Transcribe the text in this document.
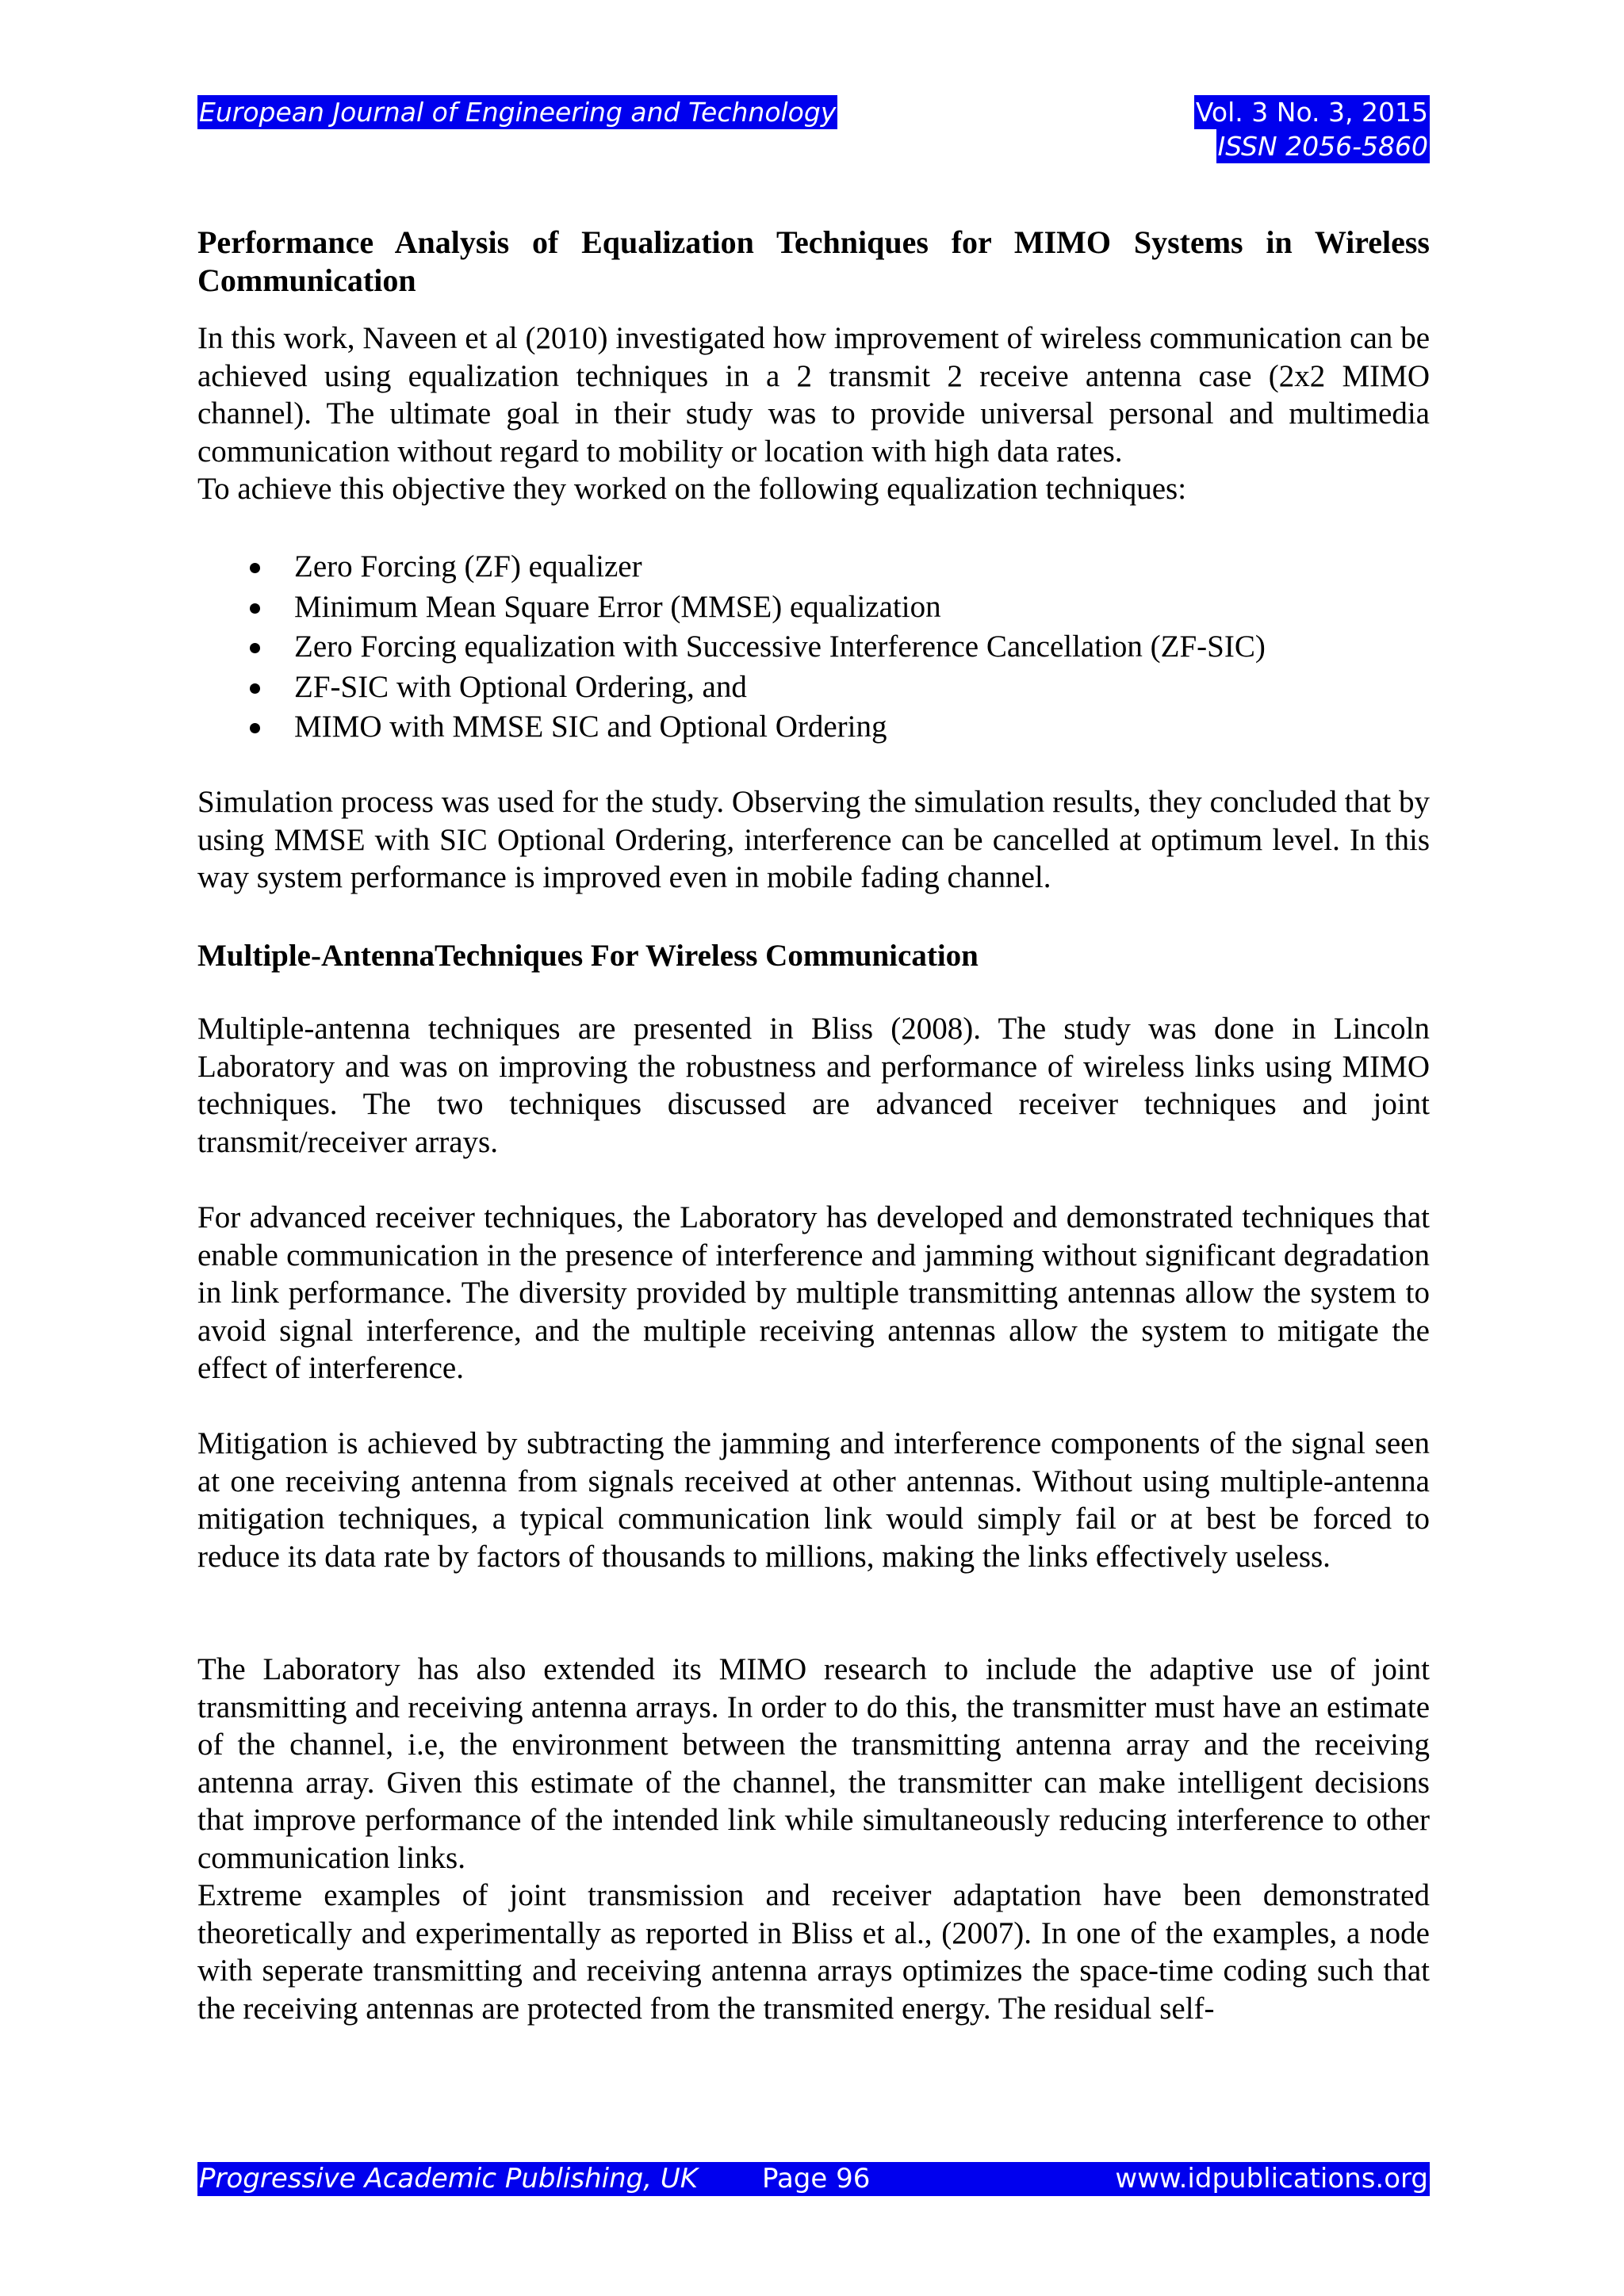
European Journal of Engineering and Technology	Vol. 3 No. 3, 2015
ISSN 2056-5860
Performance Analysis of Equalization Techniques for MIMO Systems in Wireless Communication

In this work, Naveen et al (2010) investigated how improvement of wireless communication can be achieved using equalization techniques in a 2 transmit 2 receive antenna case (2x2 MIMO channel). The ultimate goal in their study was to provide universal personal and multimedia communication without regard to mobility or location with high data rates.

To achieve this objective they worked on the following equalization techniques:

Zero Forcing (ZF) equalizer
Minimum Mean Square Error (MMSE) equalization
Zero Forcing equalization with Successive Interference Cancellation (ZF-SIC)
ZF-SIC with Optional Ordering, and
MIMO with MMSE SIC and Optional Ordering

Simulation process was used for the study. Observing the simulation results, they concluded that by using MMSE with SIC Optional Ordering, interference can be cancelled at optimum level. In this way system performance is improved even in mobile fading channel.

Multiple-AntennaTechniques For Wireless Communication

Multiple-antenna techniques are presented in Bliss (2008). The study was done in Lincoln Laboratory and was on improving the robustness and performance of wireless links using MIMO techniques. The two techniques discussed are advanced receiver techniques and joint transmit/receiver arrays.

For advanced receiver techniques, the Laboratory has developed and demonstrated techniques that enable communication in the presence of interference and jamming without significant degradation in link performance. The diversity provided by multiple transmitting antennas allow the system to avoid signal interference, and the multiple receiving antennas allow the system to mitigate the effect of interference.

Mitigation is achieved by subtracting the jamming and interference components of the signal seen at one receiving antenna from signals received at other antennas. Without using multiple-antenna mitigation techniques, a typical communication link would simply fail or at best be forced to reduce its data rate by factors of thousands to millions, making the links effectively useless.

The Laboratory has also extended its MIMO research to include the adaptive use of joint transmitting and receiving antenna arrays. In order to do this, the transmitter must have an estimate of the channel, i.e, the environment between the transmitting antenna array and the receiving antenna array. Given this estimate of the channel, the transmitter can make intelligent decisions that improve performance of the intended link while simultaneously reducing interference to other communication links.

Extreme examples of joint transmission and receiver adaptation have been demonstrated theoretically and experimentally as reported in Bliss et al., (2007). In one of the examples, a node with seperate transmitting and receiving antenna arrays optimizes the space-time coding such that the receiving antennas are protected from the transmited energy. The residual self-

Progressive Academic Publishing, UK Page 96	www.idpublications.org
